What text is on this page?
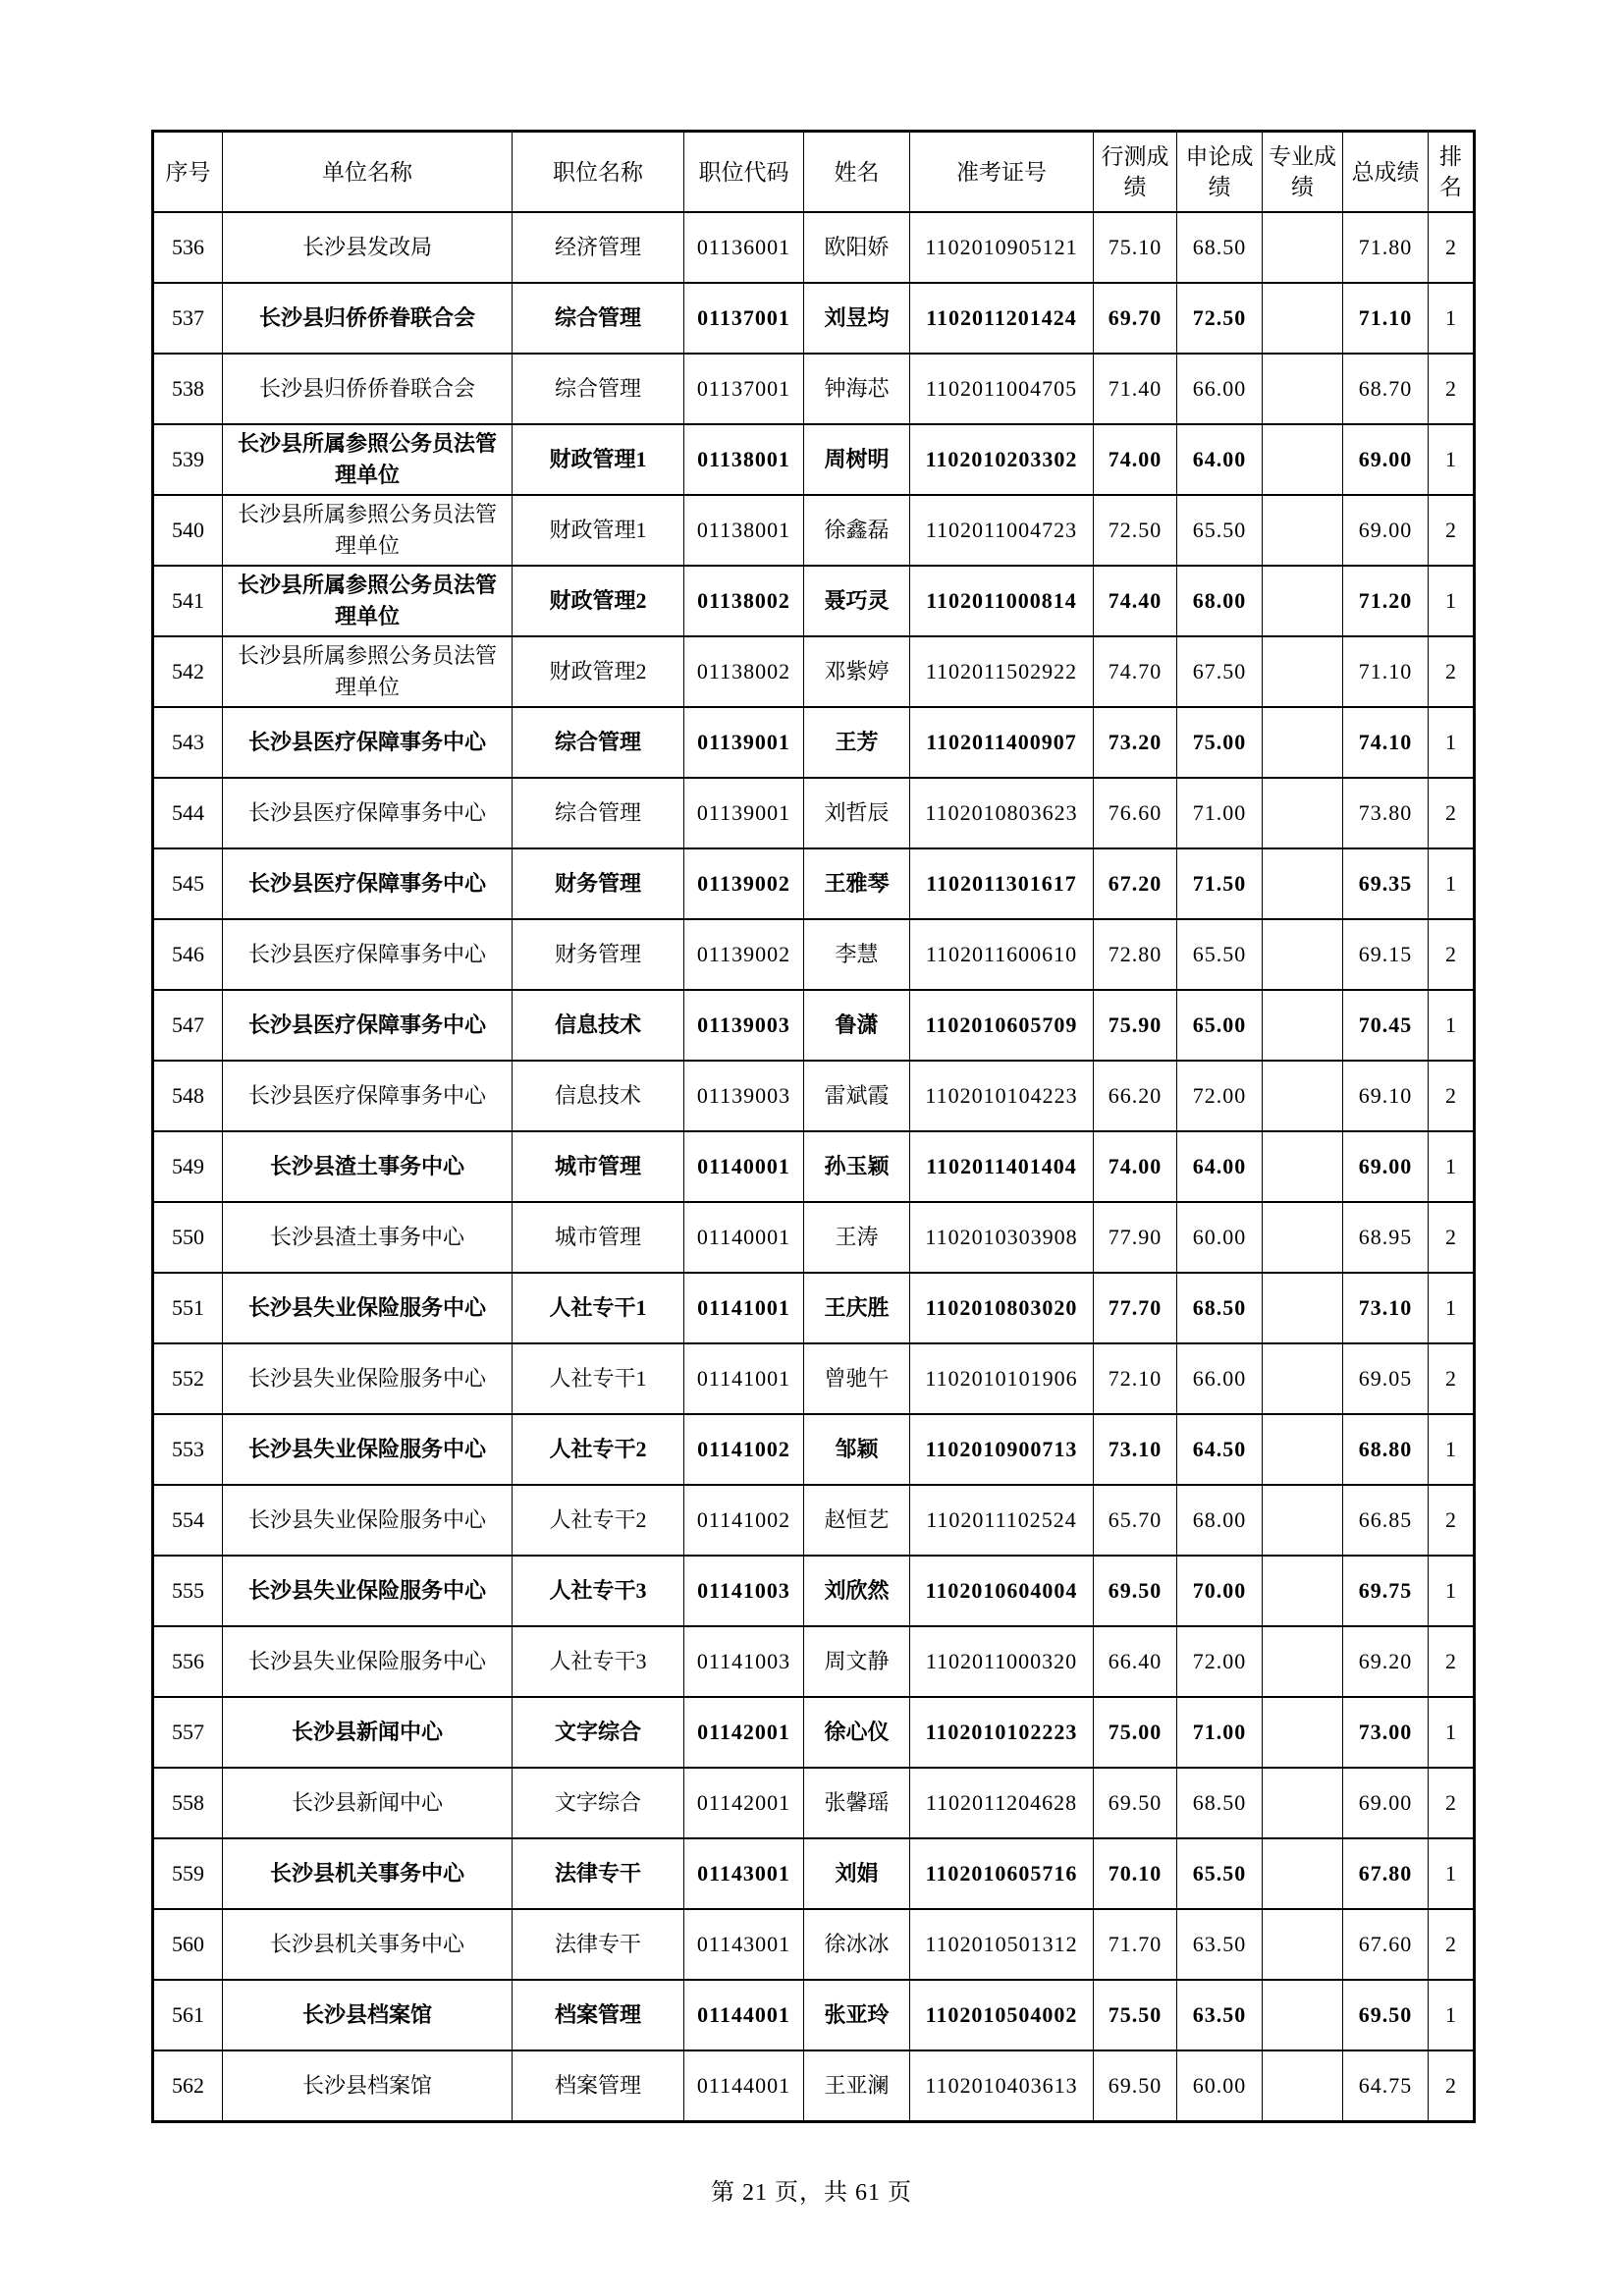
序号	单位名称	职位名称	职位代码	姓名	准考证号	行测成绩	申论成绩	专业成绩	总成绩	排名
536	长沙县发改局	经济管理	01136001	欧阳娇	1102010905121	75.10	68.50		71.80	2
537	长沙县归侨侨眷联合会	综合管理	01137001	刘昱均	1102011201424	69.70	72.50		71.10	1
538	长沙县归侨侨眷联合会	综合管理	01137001	钟海芯	1102011004705	71.40	66.00		68.70	2
539	长沙县所属参照公务员法管理单位	财政管理1	01138001	周树明	1102010203302	74.00	64.00		69.00	1
540	长沙县所属参照公务员法管理单位	财政管理1	01138001	徐鑫磊	1102011004723	72.50	65.50		69.00	2
541	长沙县所属参照公务员法管理单位	财政管理2	01138002	聂巧灵	1102011000814	74.40	68.00		71.20	1
542	长沙县所属参照公务员法管理单位	财政管理2	01138002	邓紫婷	1102011502922	74.70	67.50		71.10	2
543	长沙县医疗保障事务中心	综合管理	01139001	王芳	1102011400907	73.20	75.00		74.10	1
544	长沙县医疗保障事务中心	综合管理	01139001	刘哲辰	1102010803623	76.60	71.00		73.80	2
545	长沙县医疗保障事务中心	财务管理	01139002	王雅琴	1102011301617	67.20	71.50		69.35	1
546	长沙县医疗保障事务中心	财务管理	01139002	李慧	1102011600610	72.80	65.50		69.15	2
547	长沙县医疗保障事务中心	信息技术	01139003	鲁潇	1102010605709	75.90	65.00		70.45	1
548	长沙县医疗保障事务中心	信息技术	01139003	雷斌霞	1102010104223	66.20	72.00		69.10	2
549	长沙县渣土事务中心	城市管理	01140001	孙玉颖	1102011401404	74.00	64.00		69.00	1
550	长沙县渣土事务中心	城市管理	01140001	王涛	1102010303908	77.90	60.00		68.95	2
551	长沙县失业保险服务中心	人社专干1	01141001	王庆胜	1102010803020	77.70	68.50		73.10	1
552	长沙县失业保险服务中心	人社专干1	01141001	曾驰午	1102010101906	72.10	66.00		69.05	2
553	长沙县失业保险服务中心	人社专干2	01141002	邹颖	1102010900713	73.10	64.50		68.80	1
554	长沙县失业保险服务中心	人社专干2	01141002	赵恒艺	1102011102524	65.70	68.00		66.85	2
555	长沙县失业保险服务中心	人社专干3	01141003	刘欣然	1102010604004	69.50	70.00		69.75	1
556	长沙县失业保险服务中心	人社专干3	01141003	周文静	1102011000320	66.40	72.00		69.20	2
557	长沙县新闻中心	文字综合	01142001	徐心仪	1102010102223	75.00	71.00		73.00	1
558	长沙县新闻中心	文字综合	01142001	张馨瑶	1102011204628	69.50	68.50		69.00	2
559	长沙县机关事务中心	法律专干	01143001	刘娟	1102010605716	70.10	65.50		67.80	1
560	长沙县机关事务中心	法律专干	01143001	徐冰冰	1102010501312	71.70	63.50		67.60	2
561	长沙县档案馆	档案管理	01144001	张亚玲	1102010504002	75.50	63.50		69.50	1
562	长沙县档案馆	档案管理	01144001	王亚澜	1102010403613	69.50	60.00		64.75	2
第 21 页，共 61 页
